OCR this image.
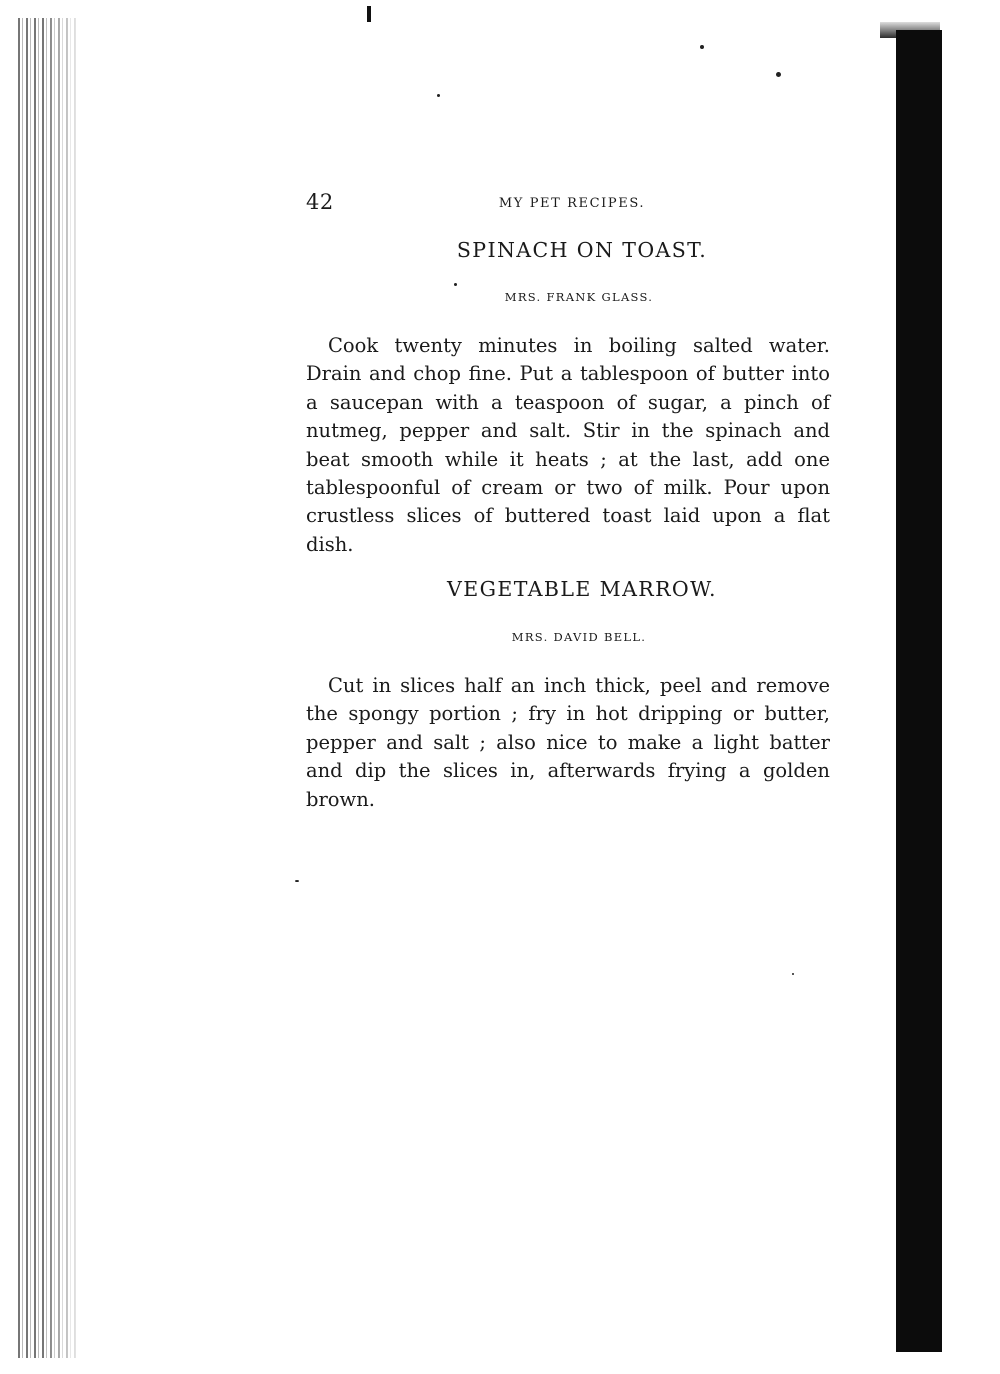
42	MY PET RECIPES.
SPINACH ON TOAST.

MRS. FRANK GLASS.

Cook twenty minutes in boiling salted water. Drain and chop fine. Put a tablespoon of butter into a saucepan with a teaspoon of sugar, a pinch of nutmeg, pepper and salt. Stir in the spinach and beat smooth while it heats ; at the last, add one tablespoonful of cream or two of milk. Pour upon crustless slices of buttered toast laid upon a flat dish.

VEGETABLE MARROW.

MRS. DAVID BELL.

Cut in slices half an inch thick, peel and remove the spongy portion ; fry in hot dripping or butter, pepper and salt ; also nice to make a light batter and dip the slices in, afterwards frying a golden brown.
